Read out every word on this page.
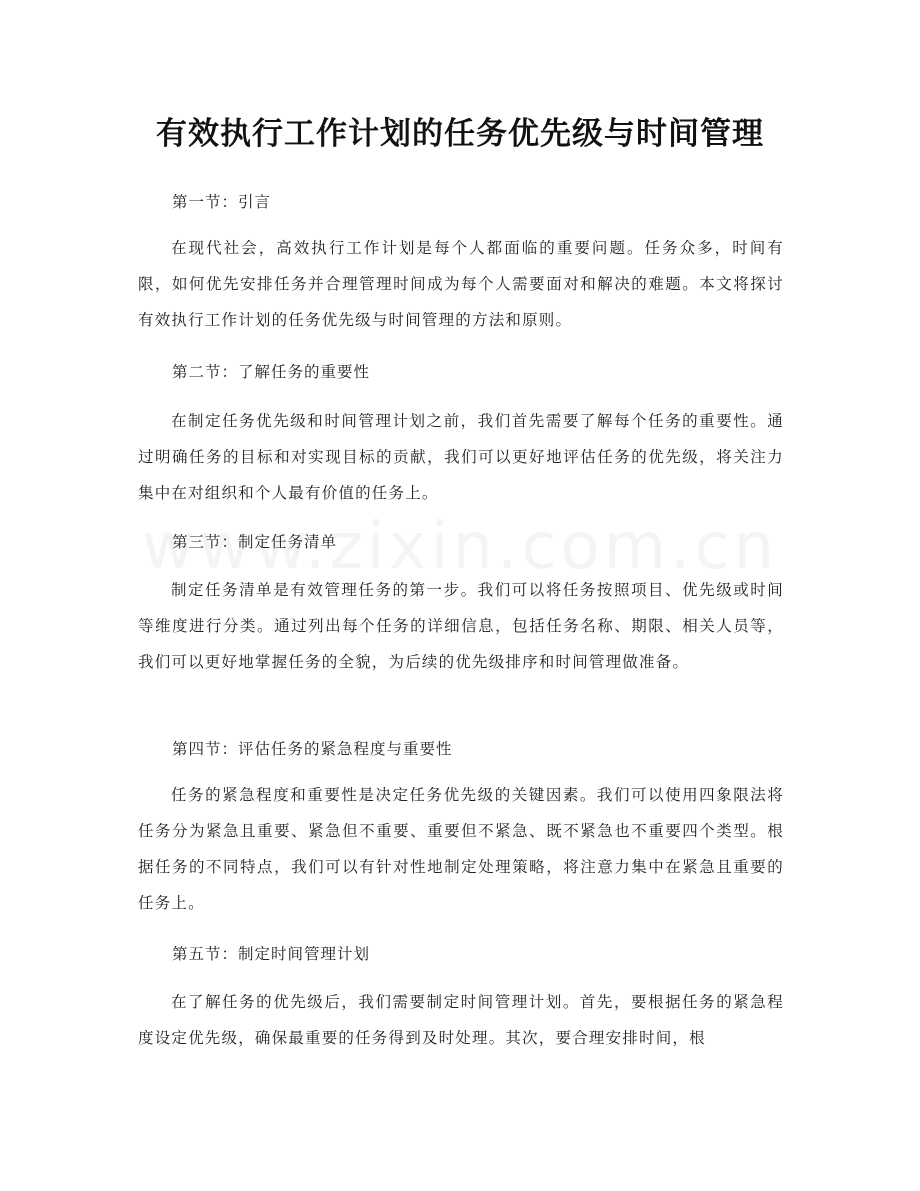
有效执行工作计划的任务优先级与时间管理
第一节：引言
在现代社会，高效执行工作计划是每个人都面临的重要问题。任务众多，时间有限，如何优先安排任务并合理管理时间成为每个人需要面对和解决的难题。本文将探讨有效执行工作计划的任务优先级与时间管理的方法和原则。
第二节：了解任务的重要性
在制定任务优先级和时间管理计划之前，我们首先需要了解每个任务的重要性。通过明确任务的目标和对实现目标的贡献，我们可以更好地评估任务的优先级，将关注力集中在对组织和个人最有价值的任务上。
第三节：制定任务清单
制定任务清单是有效管理任务的第一步。我们可以将任务按照项目、优先级或时间等维度进行分类。通过列出每个任务的详细信息，包括任务名称、期限、相关人员等，我们可以更好地掌握任务的全貌，为后续的优先级排序和时间管理做准备。
第四节：评估任务的紧急程度与重要性
任务的紧急程度和重要性是决定任务优先级的关键因素。我们可以使用四象限法将任务分为紧急且重要、紧急但不重要、重要但不紧急、既不紧急也不重要四个类型。根据任务的不同特点，我们可以有针对性地制定处理策略，将注意力集中在紧急且重要的任务上。
第五节：制定时间管理计划
在了解任务的优先级后，我们需要制定时间管理计划。首先，要根据任务的紧急程度设定优先级，确保最重要的任务得到及时处理。其次，要合理安排时间，根
